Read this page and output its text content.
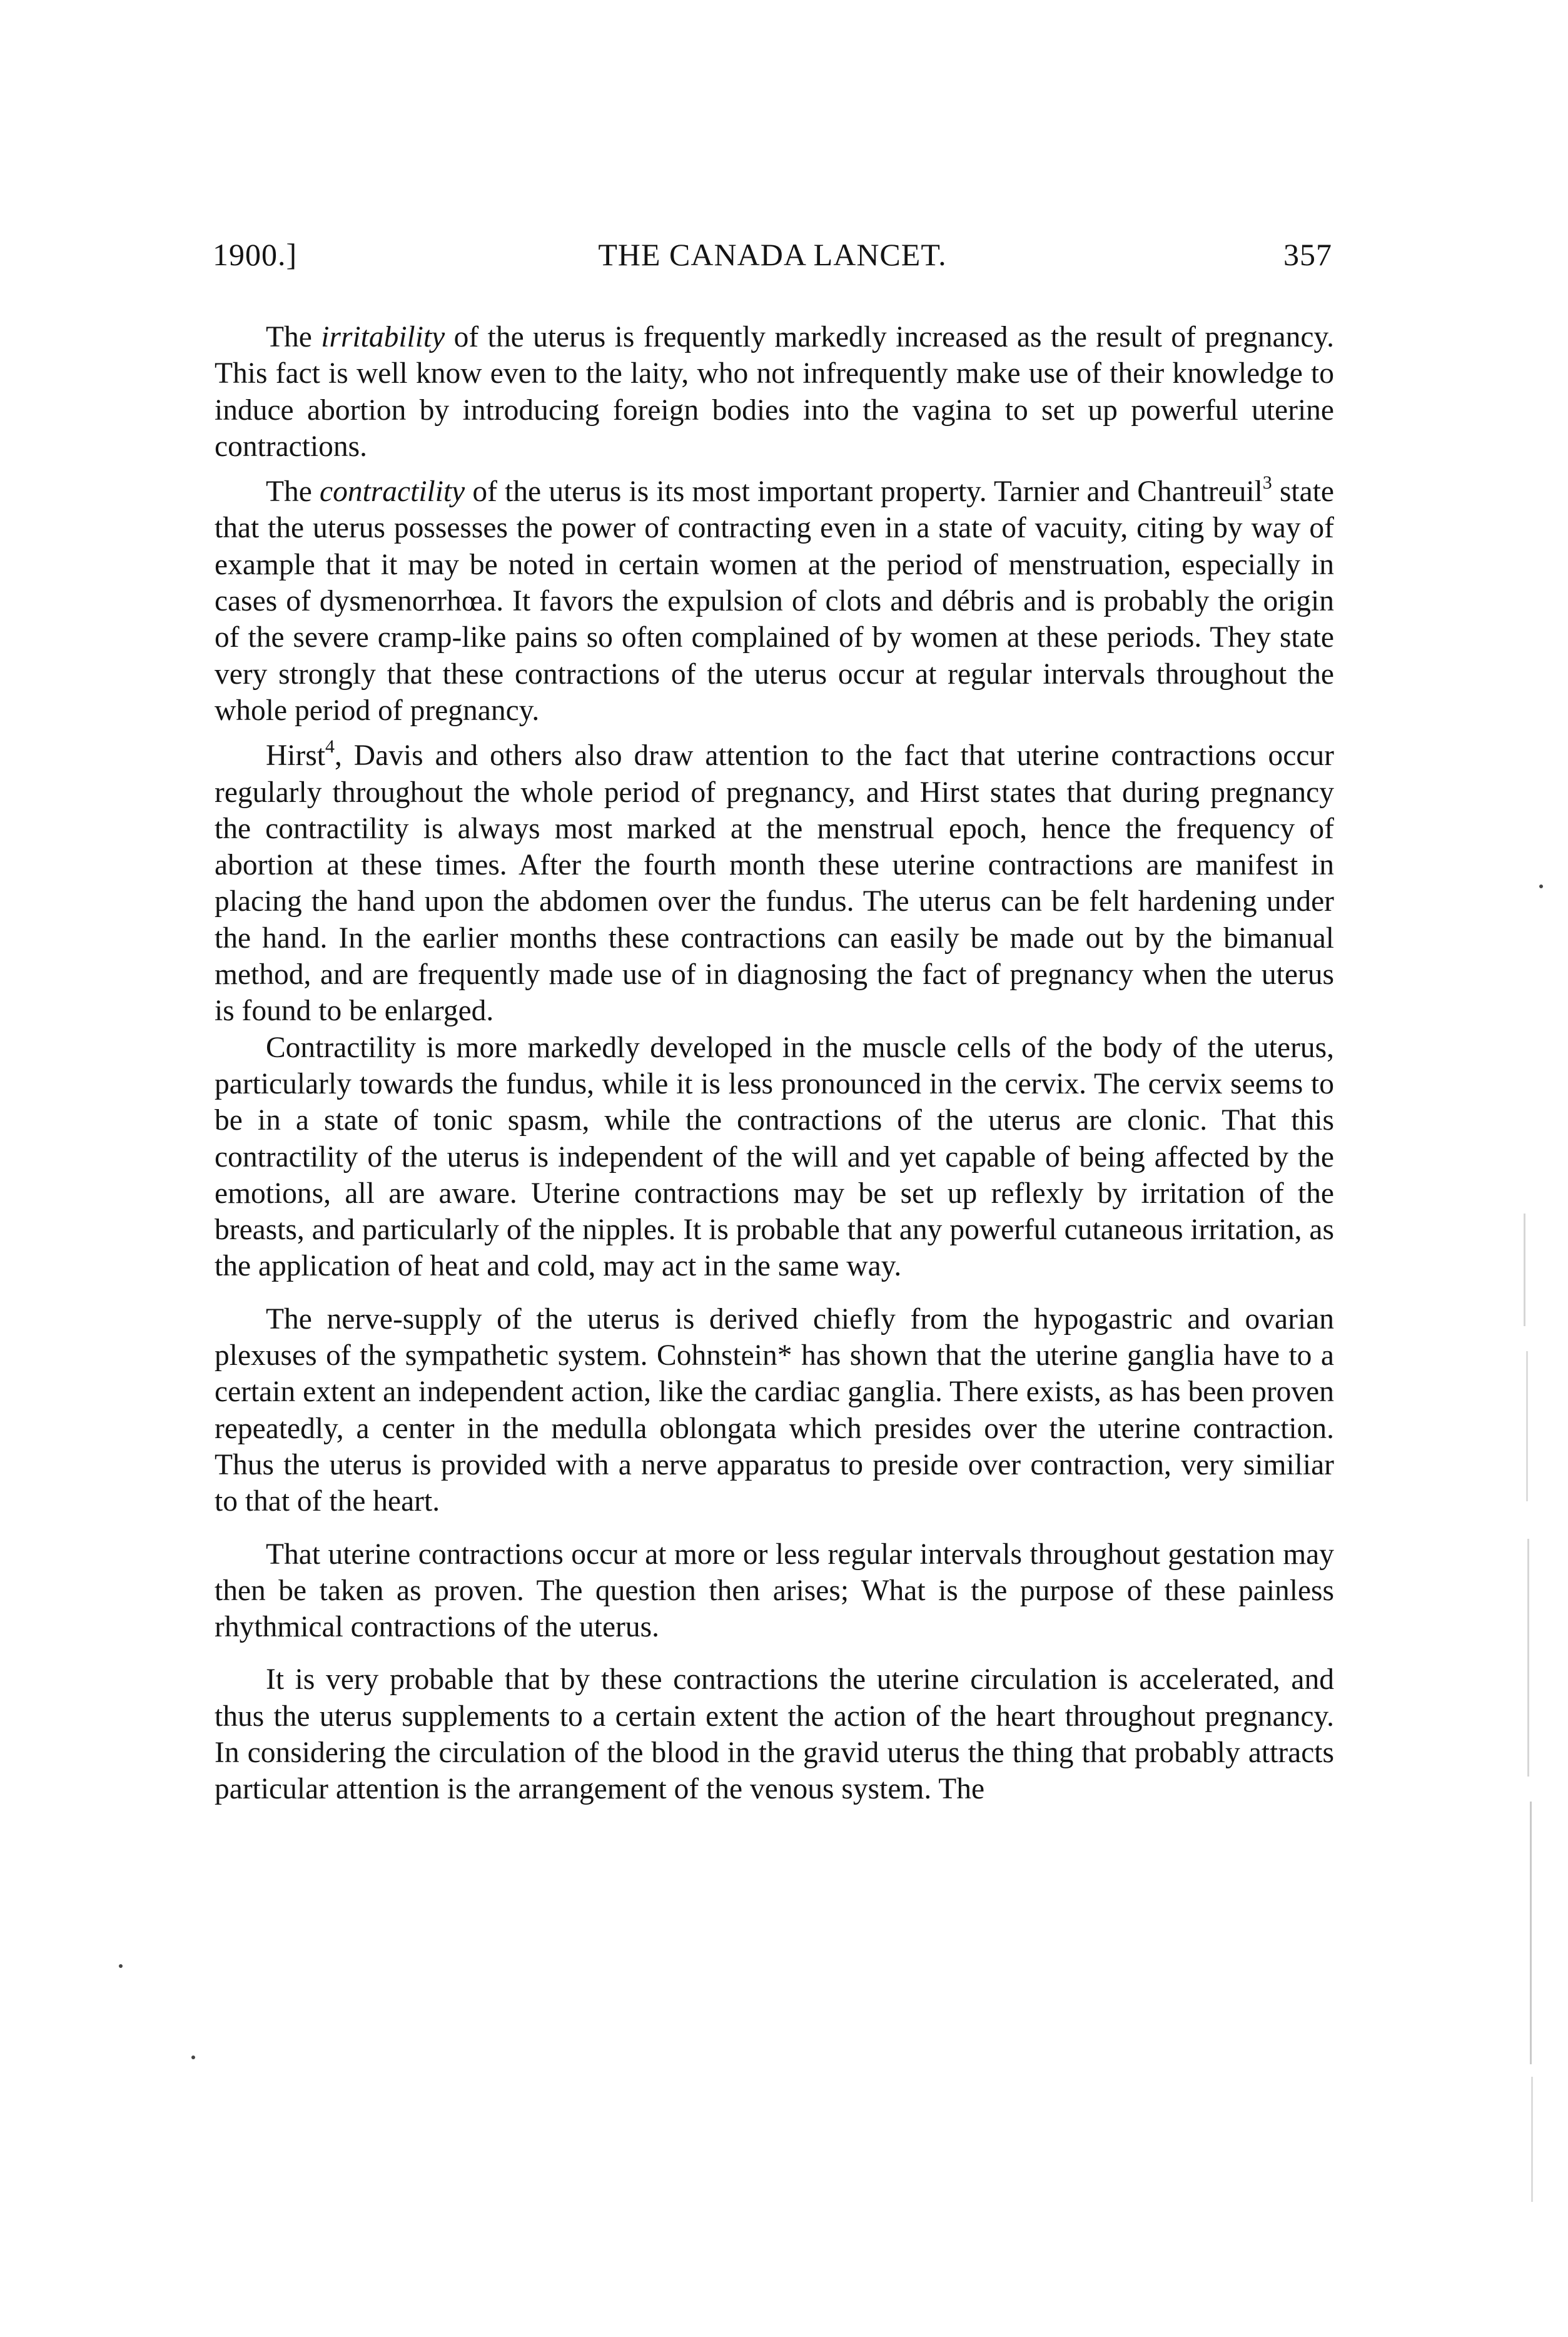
1900.]	THE CANADA LANCET.	357

The irritability of the uterus is frequently markedly increased as the result of pregnancy. This fact is well know even to the laity, who not infrequently make use of their knowledge to induce abortion by introducing foreign bodies into the vagina to set up powerful uterine contractions.

The contractility of the uterus is its most important property. Tarnier and Chantreuil$^3$ state that the uterus possesses the power of contracting even in a state of vacuity, citing by way of example that it may be noted in certain women at the period of menstruation, especially in cases of dysmenorrhœa. It favors the expulsion of clots and débris and is probably the origin of the severe cramp-like pains so often complained of by women at these periods. They state very strongly that these contractions of the uterus occur at regular intervals throughout the whole period of pregnancy.

Hirst$^4$, Davis and others also draw attention to the fact that uterine contractions occur regularly throughout the whole period of pregnancy, and Hirst states that during pregnancy the contractility is always most marked at the menstrual epoch, hence the frequency of abortion at these times. After the fourth month these uterine contractions are manifest in placing the hand upon the abdomen over the fundus. The uterus can be felt hardening under the hand. In the earlier months these contractions can easily be made out by the bimanual method, and are frequently made use of in diagnosing the fact of pregnancy when the uterus is found to be enlarged.

Contractility is more markedly developed in the muscle cells of the body of the uterus, particularly towards the fundus, while it is less pronounced in the cervix. The cervix seems to be in a state of tonic spasm, while the contractions of the uterus are clonic. That this contractility of the uterus is independent of the will and yet capable of being affected by the emotions, all are aware. Uterine contractions may be set up reflexly by irritation of the breasts, and particularly of the nipples. It is probable that any powerful cutaneous irritation, as the application of heat and cold, may act in the same way.

The nerve-supply of the uterus is derived chiefly from the hypogastric and ovarian plexuses of the sympathetic system. Cohnstein* has shown that the uterine ganglia have to a certain extent an independent action, like the cardiac ganglia. There exists, as has been proven repeatedly, a center in the medulla oblongata which presides over the uterine contraction. Thus the uterus is provided with a nerve apparatus to preside over contraction, very similiar to that of the heart.

That uterine contractions occur at more or less regular intervals throughout gestation may then be taken as proven. The question then arises; What is the purpose of these painless rhythmical contractions of the uterus.

It is very probable that by these contractions the uterine circulation is accelerated, and thus the uterus supplements to a certain extent the action of the heart throughout pregnancy. In considering the circulation of the blood in the gravid uterus the thing that probably attracts particular attention is the arrangement of the venous system. The
